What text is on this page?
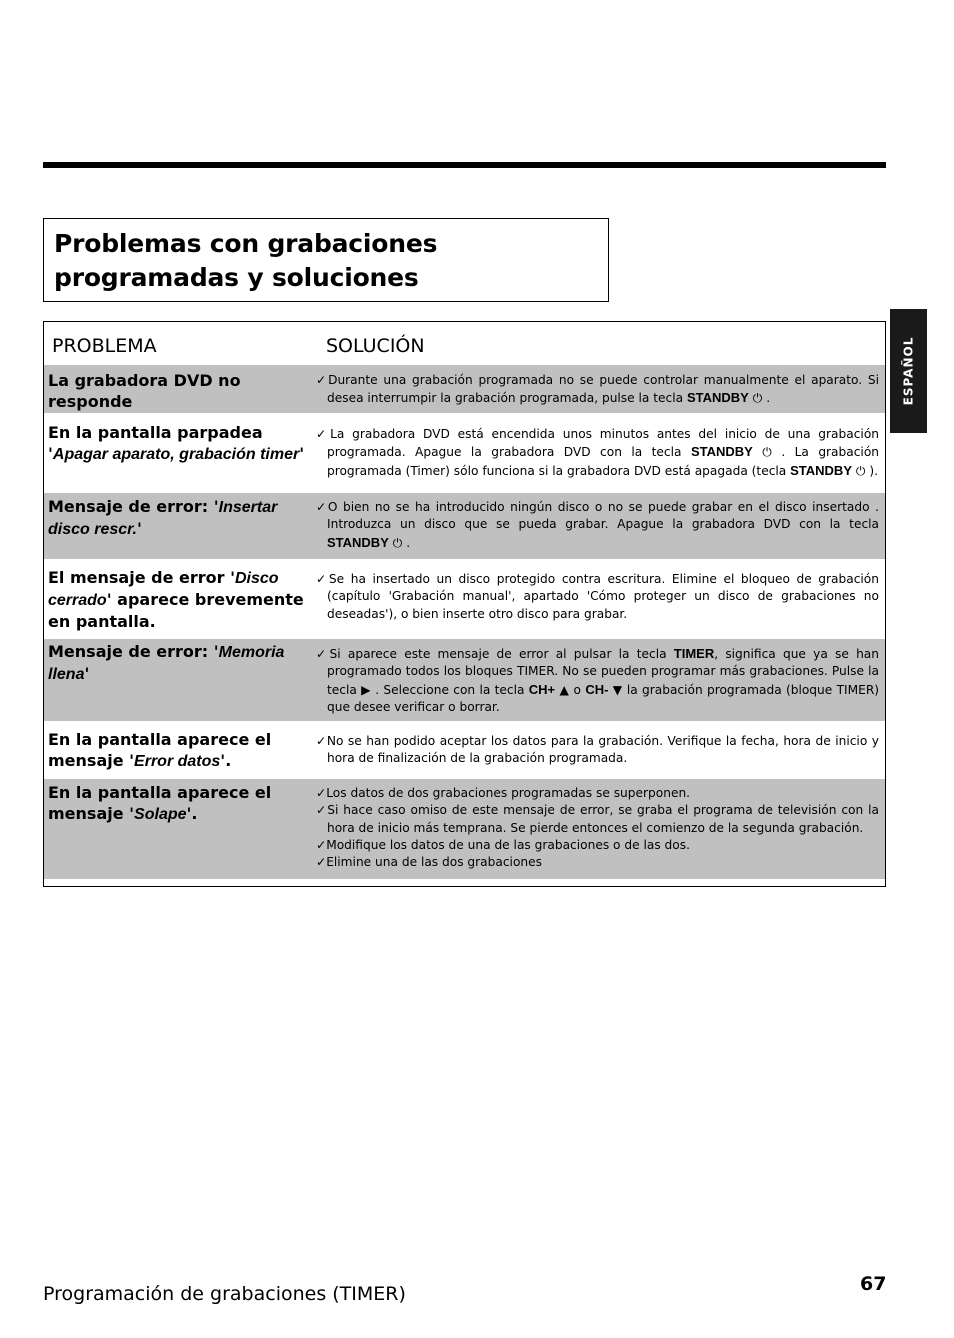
Problemas con grabaciones programadas y soluciones
ESPAÑOL
PROBLEMA	SOLUCIÓN
La grabadora DVD no responde

✓Durante una grabación programada no se puede controlar manualmente el aparato. Si desea interrumpir la grabación programada, pulse la tecla STANDBY ⏻ .

En la pantalla parpadea 'Apagar aparato, grabación timer'

✓La grabadora DVD está encendida unos minutos antes del inicio de una grabación programada. Apague la grabadora DVD con la tecla STANDBY ⏻ . La grabación programada (Timer) sólo funciona si la grabadora DVD está apagada (tecla STANDBY ⏻ ).

Mensaje de error: 'Insertar disco rescr.'

✓O bien no se ha introducido ningún disco o no se puede grabar en el disco insertado . Introduzca un disco que se pueda grabar. Apague la grabadora DVD con la tecla STANDBY ⏻ .

El mensaje de error 'Disco cerrado' aparece brevemente en pantalla.

✓Se ha insertado un disco protegido contra escritura. Elimine el bloqueo de grabación (capítulo 'Grabación manual', apartado 'Cómo proteger un disco de grabaciones no deseadas'), o bien inserte otro disco para grabar.

Mensaje de error: 'Memoria llena'

✓Si aparece este mensaje de error al pulsar la tecla TIMER, significa que ya se han programado todos los bloques TIMER. No se pueden programar más grabaciones. Pulse la tecla ▶ . Seleccione con la tecla CH+ ▲ o CH- ▼ la grabación programada (bloque TIMER) que desee verificar o borrar.

En la pantalla aparece el mensaje 'Error datos'.

✓No se han podido aceptar los datos para la grabación. Verifique la fecha, hora de inicio y hora de finalización de la grabación programada.

En la pantalla aparece el mensaje 'Solape'.

✓Los datos de dos grabaciones programadas se superponen.

✓Si hace caso omiso de este mensaje de error, se graba el programa de televisión con la hora de inicio más temprana. Se pierde entonces el comienzo de la segunda grabación.

✓Modifique los datos de una de las grabaciones o de las dos.

✓Elimine una de las dos grabaciones

Programación de grabaciones (TIMER)	67
